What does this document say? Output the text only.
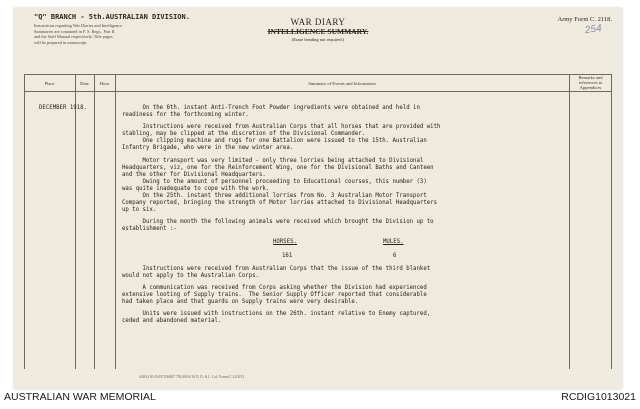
"Q" BRANCH - 5th.AUSTRALIAN DIVISION.
Instructions regarding War Diaries and Intelligence
Summaries are contained in F. S. Regs., Part II.
and the Staff Manual respectively. Title pages
will be prepared in manuscript.
WAR DIARY
INTELLIGENCE SUMMARY.
(Erase heading not required.)
Army Form C. 2118.
254
Place	Date	Hour	Summary of Events and Information
Remarks and references to Appendices
DECEMBER 1918.	On the 6th. instant Anti-Trench Foot Powder ingredients were obtained and held in

readiness for the forthcoming winter.

Instructions were received from Australian Corps that all horses that are provided with

stabling, may be clipped at the discretion of the Divisional Commander.

One clipping machine and rugs for one Battalion were issued to the 15th. Australian

Infantry Brigade, who were in the new winter area.

Motor transport was very limited - only three lorries being attached to Divisional

Headquarters, viz, one for the Reinforcement Wing, one for the Divisional Baths and Canteen

and the other for Divisional Headquarters.

Owing to the amount of personnel proceeding to Educational courses, this number (3)

was quite inadequate to cope with the work.

On the 25th. instant three additional lorries from No. 3 Australian Motor Transport

Company reported, bringing the strength of Motor lorries attached to Divisional Headquarters

up to six.

During the month the following animals were received which brought the Division up to

establishment :-

HORSES.	MULES.
161	6

Instructions were received from Australian Corps that the issue of the third blanket

would not apply to the Australian Corps.

A communication was received from Corps asking whether the Division had experienced

extensive looting of Supply trains.  The Senior Supply Officer reported that considerable

had taken place and that guards on Supply trains were very desirable.

Units were issued with instructions on the 26th. instant relative to Enemy captured,

ceded and abandoned material.

A4834 Wt.W4973/M687 750,000 8/16 D. D. & L. Ltd. Forms/C.2118/13
AUSTRALIAN WAR MEMORIAL	RCDIG1013021
